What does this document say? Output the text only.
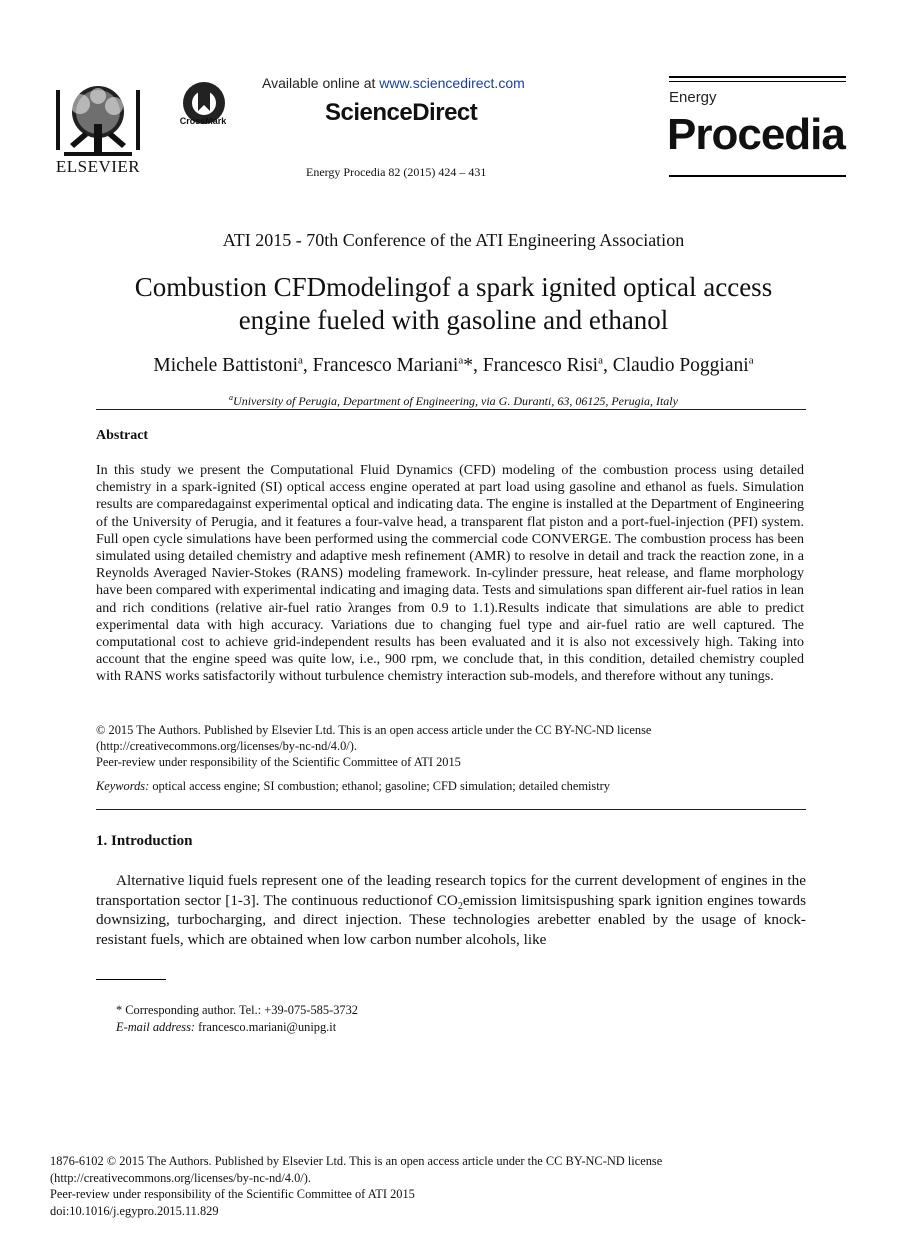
ELSEVIER
CrossMark
Available online at www.sciencedirect.com
ScienceDirect
Energy Procedia 82 (2015) 424 – 431
Energy
Procedia
ATI 2015 - 70th Conference of the ATI Engineering Association
Combustion CFDmodelingof a spark ignited optical access
engine fueled with gasoline and ethanol
Michele Battistoni$^a$, Francesco Mariani$^a$*, Francesco Risi$^a$, Claudio Poggiani$^a$
$^a$University of Perugia, Department of Engineering, via G. Duranti, 63, 06125, Perugia, Italy
Abstract
In this study we present the Computational Fluid Dynamics (CFD) modeling of the combustion process using detailed chemistry in a spark-ignited (SI) optical access engine operated at part load using gasoline and ethanol as fuels. Simulation results are comparedagainst experimental optical and indicating data. The engine is installed at the Department of Engineering of the University of Perugia, and it features a four-valve head, a transparent flat piston and a port-fuel-injection (PFI) system. Full open cycle simulations have been performed using the commercial code CONVERGE. The combustion process has been simulated using detailed chemistry and adaptive mesh refinement (AMR) to resolve in detail and track the reaction zone, in a Reynolds Averaged Navier-Stokes (RANS) modeling framework. In-cylinder pressure, heat release, and flame morphology have been compared with experimental indicating and imaging data. Tests and simulations span different air-fuel ratios in lean and rich conditions (relative air-fuel ratio λranges from 0.9 to 1.1).Results indicate that simulations are able to predict experimental data with high accuracy. Variations due to changing fuel type and air-fuel ratio are well captured. The computational cost to achieve grid-independent results has been evaluated and it is also not excessively high. Taking into account that the engine speed was quite low, i.e., 900 rpm, we conclude that, in this condition, detailed chemistry coupled with RANS works satisfactorily without turbulence chemistry interaction sub-models, and therefore without any tunings.
© 2015 The Authors. Published by Elsevier Ltd. This is an open access article under the CC BY-NC-ND license
(http://creativecommons.org/licenses/by-nc-nd/4.0/).
Peer-review under responsibility of the Scientific Committee of ATI 2015
Keywords: optical access engine; SI combustion; ethanol; gasoline; CFD simulation; detailed chemistry
1. Introduction
Alternative liquid fuels represent one of the leading research topics for the current development of engines in the transportation sector [1-3]. The continuous reductionof $CO_2emission$ limitsispushing spark ignition engines towards downsizing, turbocharging, and direct injection. These technologies arebetter enabled by the usage of knock-resistant fuels, which are obtained when low carbon number alcohols, like
* Corresponding author. Tel.: +39-075-585-3732
E-mail address: francesco.mariani@unipg.it
1876-6102 © 2015 The Authors. Published by Elsevier Ltd. This is an open access article under the CC BY-NC-ND license
(http://creativecommons.org/licenses/by-nc-nd/4.0/).
Peer-review under responsibility of the Scientific Committee of ATI 2015
doi:10.1016/j.egypro.2015.11.829
